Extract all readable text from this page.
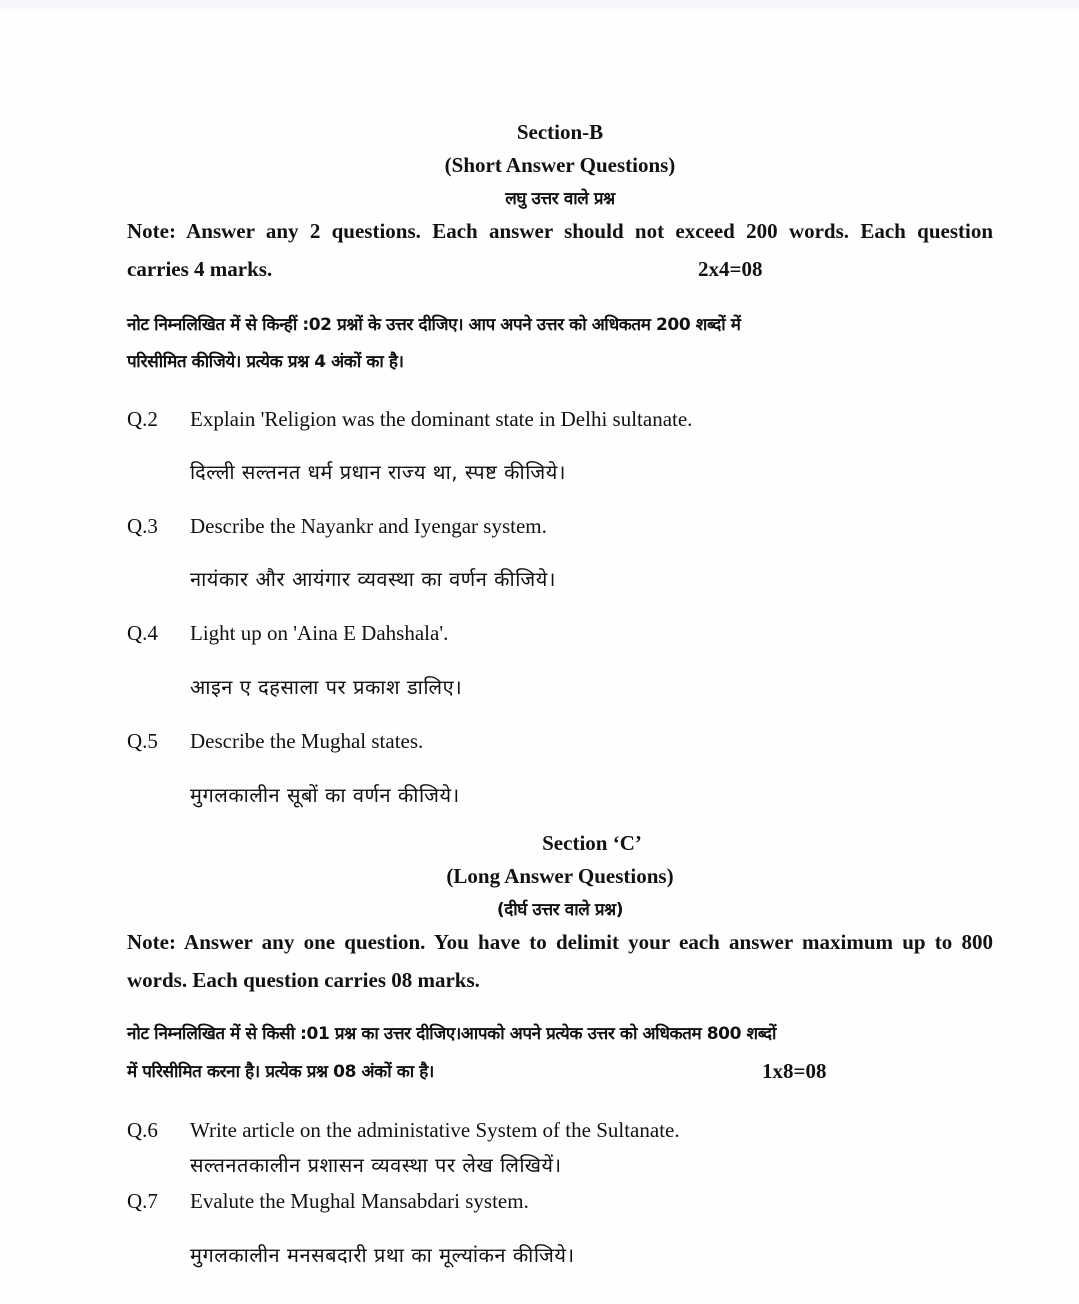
Section-B
(Short Answer Questions)
लघु उत्तर वाले प्रश्न
Note: Answer any 2 questions. Each answer should not exceed 200 words. Each question
carries 4 marks.	2x4=08
नोट निम्नलिखित में से किन्हीं :02 प्रश्नों के उत्तर दीजिए। आप अपने उत्तर को अधिकतम 200 शब्दों में
परिसीमित कीजिये। प्रत्येक प्रश्न 4 अंकों का है।
Q.2 Explain 'Religion was the dominant state in Delhi sultanate.
दिल्ली सल्तनत धर्म प्रधान राज्य था, स्पष्ट कीजिये।
Q.3 Describe the Nayankr and Iyengar system.
नायंकार और आयंगार व्यवस्था का वर्णन कीजिये।
Q.4 Light up on 'Aina E Dahshala'.
आइन ए दहसाला पर प्रकाश डालिए।
Q.5 Describe the Mughal states.
मुगलकालीन सूबों का वर्णन कीजिये।
Section ‘C’
(Long Answer Questions)
(दीर्घ उत्तर वाले प्रश्न)
Note: Answer any one question. You have to delimit your each answer maximum up to 800
words. Each question carries 08 marks.
नोट निम्नलिखित में से किसी :01 प्रश्न का उत्तर दीजिए।आपको अपने प्रत्येक उत्तर को अधिकतम 800 शब्दों
में परिसीमित करना है। प्रत्येक प्रश्न 08 अंकों का है।	1x8=08
Q.6 Write article on the administative System of the Sultanate.
सल्तनतकालीन प्रशासन व्यवस्था पर लेख लिखियें।
Q.7 Evalute the Mughal Mansabdari system.
मुगलकालीन मनसबदारी प्रथा का मूल्यांकन कीजिये।
